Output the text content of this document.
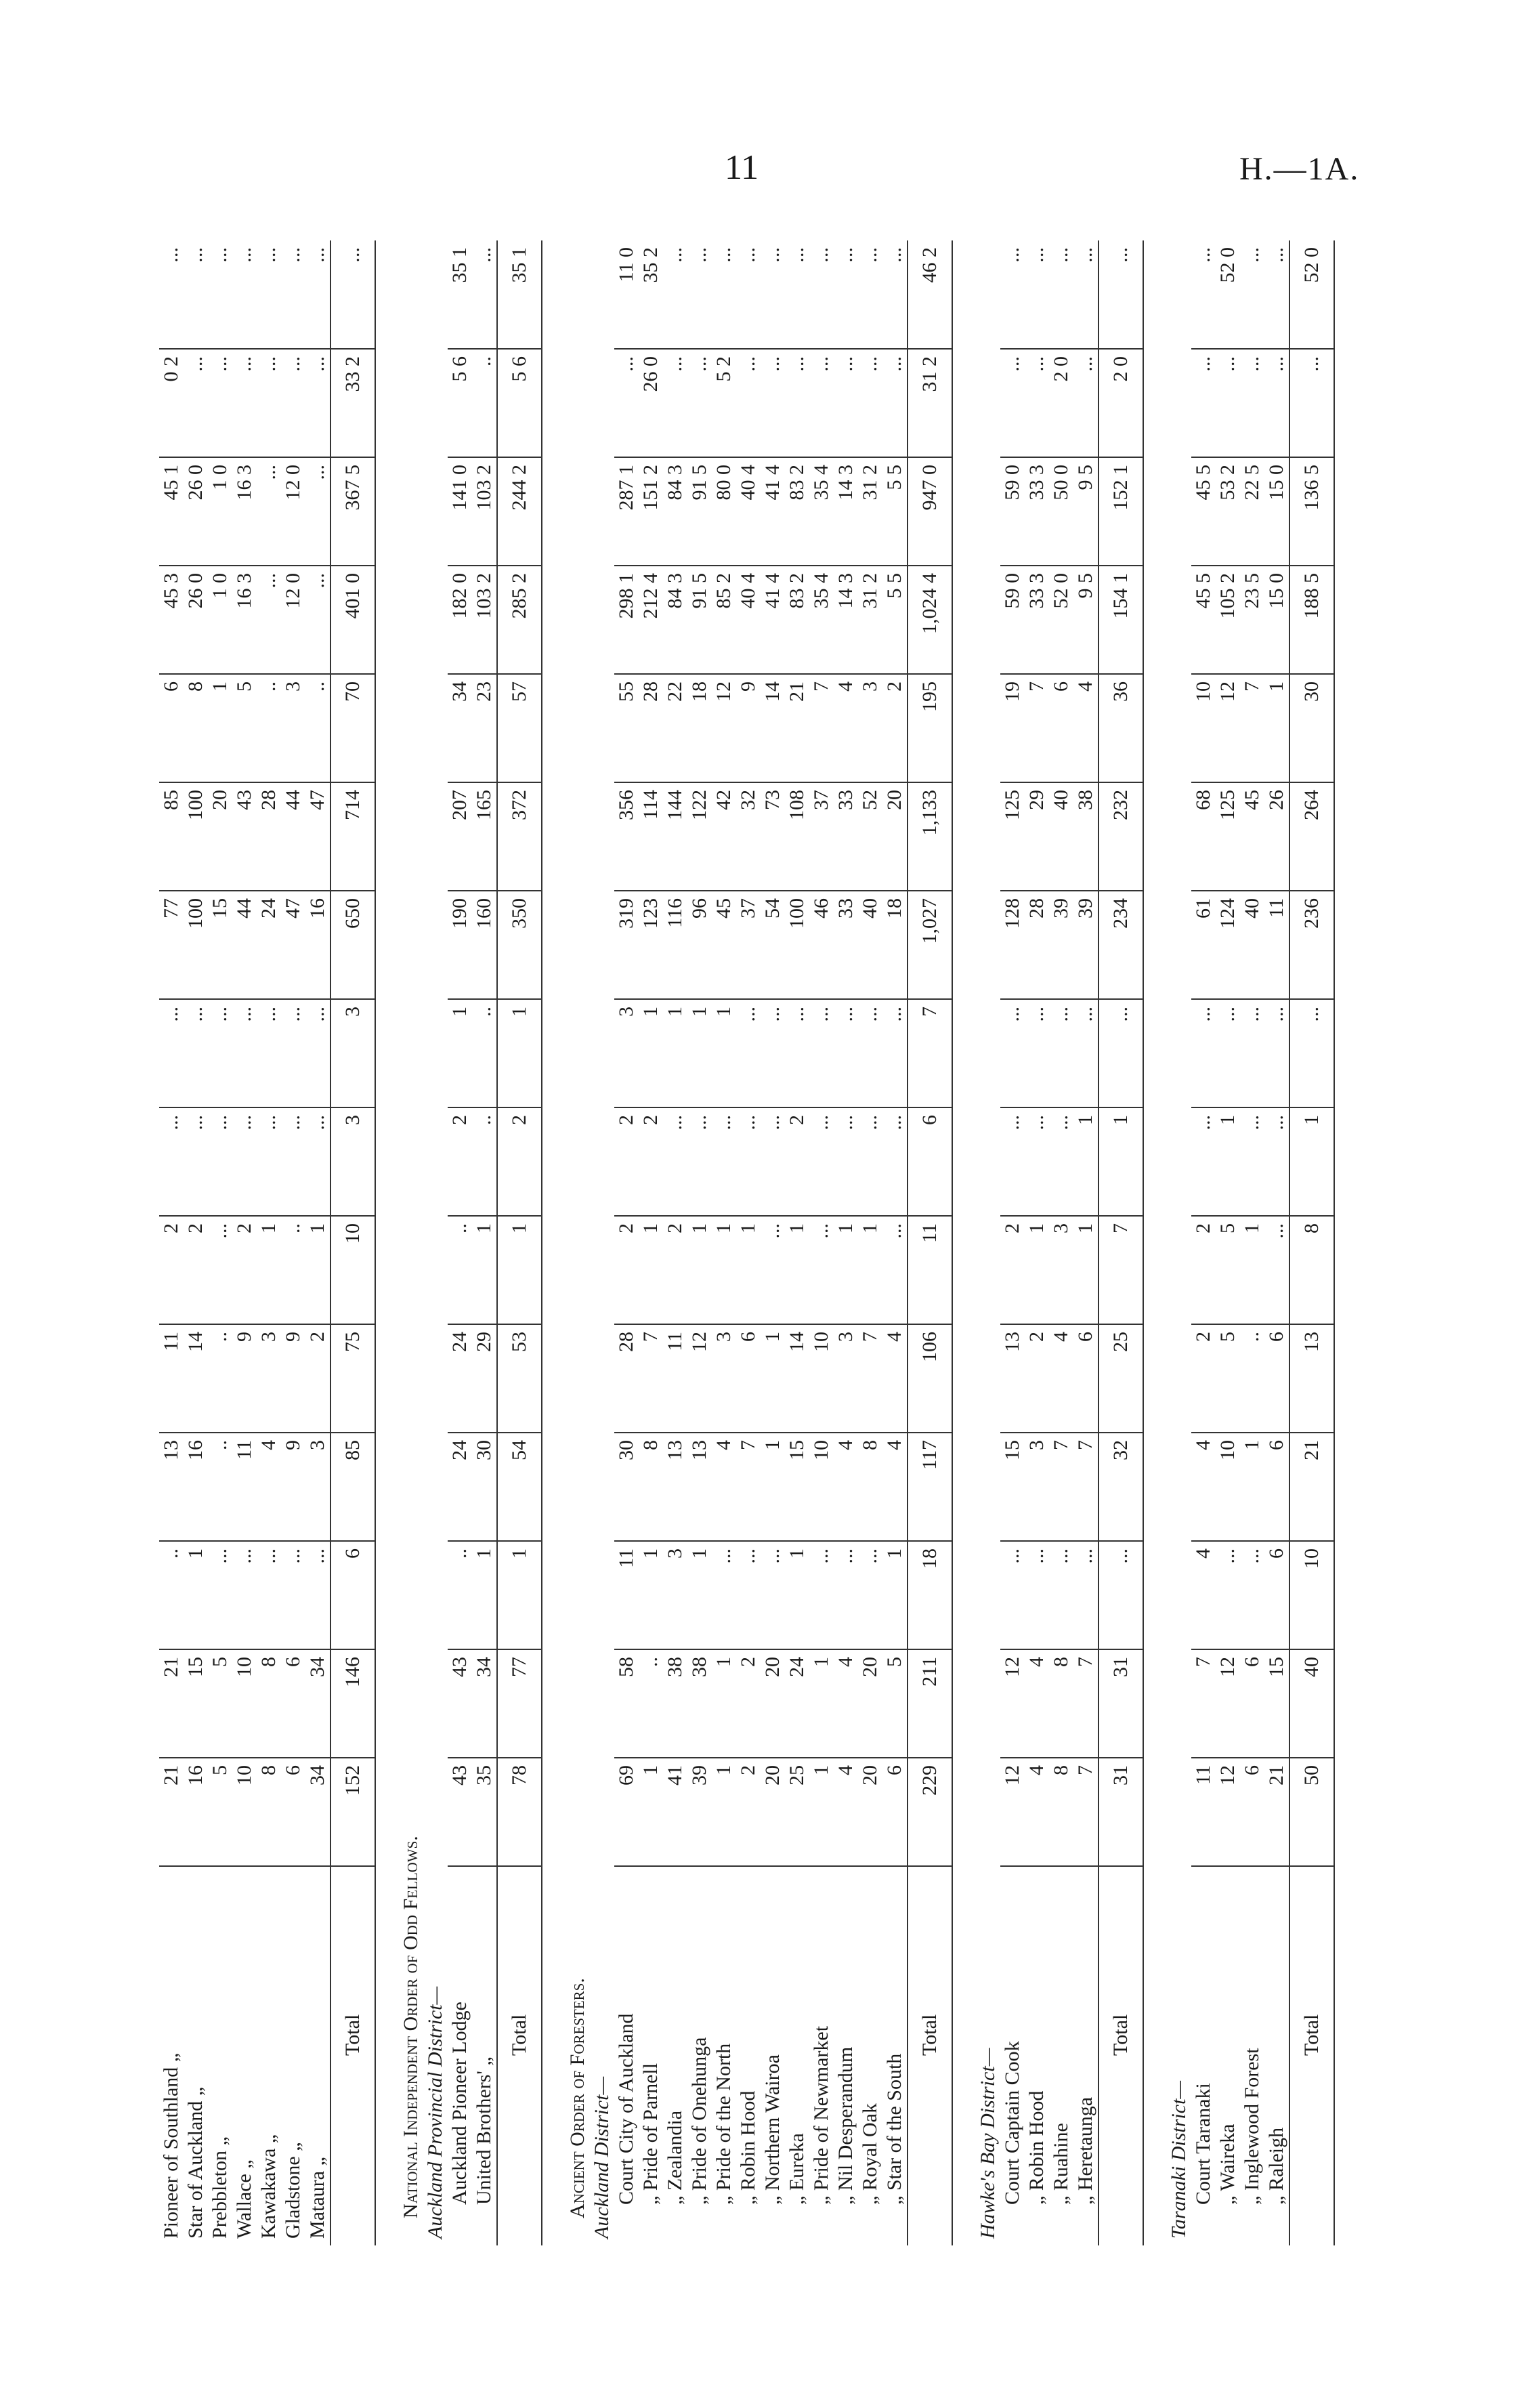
11	H.—1A.
Pioneer of Southland „	21	21	..	13	11	2	...	...	77	85	6	45 3	45 1	0 2	...
Star of Auckland „	16	15	1	16	14	2	...	...	100	100	8	26 0	26 0	...	...
Prebbleton „	5	5	...	..	..	...	...	...	15	20	1	1 0	1 0	...	...
Wallace „	10	10	...	11	9	2	...	...	44	43	5	16 3	16 3	...	...
Kawakawa „	8	8	...	4	3	1	...	...	24	28	..	...	...	...	...
Gladstone „	6	6	...	9	9	..	...	...	47	44	3	12 0	12 0	...	...
Mataura „	34	34	...	3	2	1	...	...	16	47	..	...	...	...	...
Total	152	146	6	85	75	10	3	3	650	714	70	401 0	367 5	33 2	...

National Independent Order of Odd Fellows.															
Auckland Provincial District—															
Auckland Pioneer Lodge	43	43	..	24	24	..	2	1	190	207	34	182 0	141 0	5 6	35 1
United Brothers' „	35	34	1	30	29	1	..	..	160	165	23	103 2	103 2	..	...
Total	78	77	1	54	53	1	2	1	350	372	57	285 2	244 2	5 6	35 1

Ancient Order of Foresters.															
Auckland District—															
Court City of Auckland	69	58	11	30	28	2	2	3	319	356	55	298 1	287 1	...	11 0
„ Pride of Parnell	1	..	1	8	7	1	2	1	123	114	28	212 4	151 2	26 0	35 2
„ Zealandia	41	38	3	13	11	2	...	1	116	144	22	84 3	84 3	...	...
„ Pride of Onehunga	39	38	1	13	12	1	...	1	96	122	18	91 5	91 5	...	...
„ Pride of the North	1	1	...	4	3	1	...	1	45	42	12	85 2	80 0	5 2	...
„ Robin Hood	2	2	...	7	6	1	...	...	37	32	9	40 4	40 4	...	...
„ Northern Wairoa	20	20	...	1	1	...	...	...	54	73	14	41 4	41 4	...	...
„ Eureka	25	24	1	15	14	1	2	...	100	108	21	83 2	83 2	...	...
„ Pride of Newmarket	1	1	...	10	10	...	...	...	46	37	7	35 4	35 4	...	...
„ Nil Desperandum	4	4	...	4	3	1	...	...	33	33	4	14 3	14 3	...	...
„ Royal Oak	20	20	...	8	7	1	...	...	40	52	3	31 2	31 2	...	...
„ Star of the South	6	5	1	4	4	...	...	...	18	20	2	5 5	5 5	...	...
Total	229	211	18	117	106	11	6	7	1,027	1,133	195	1,024 4	947 0	31 2	46 2

Hawke's Bay District—															
Court Captain Cook	12	12	...	15	13	2	...	...	128	125	19	59 0	59 0	...	...
„ Robin Hood	4	4	...	3	2	1	...	...	28	29	7	33 3	33 3	...	...
„ Ruahine	8	8	...	7	4	3	...	...	39	40	6	52 0	50 0	2 0	...
„ Heretaunga	7	7	...	7	6	1	1	...	39	38	4	9 5	9 5	...	...
Total	31	31	...	32	25	7	1	...	234	232	36	154 1	152 1	2 0	...

Taranaki District—															
Court Taranaki	11	7	4	4	2	2	...	...	61	68	10	45 5	45 5	...	...
„ Waireka	12	12	...	10	5	5	1	...	124	125	12	105 2	53 2	...	52 0
„ Inglewood Forest	6	6	...	1	..	1	...	...	40	45	7	23 5	22 5	...	...
„ Raleigh	21	15	6	6	6	...	...	...	11	26	1	15 0	15 0	...	...
Total	50	40	10	21	13	8	1	...	236	264	30	188 5	136 5	...	52 0
